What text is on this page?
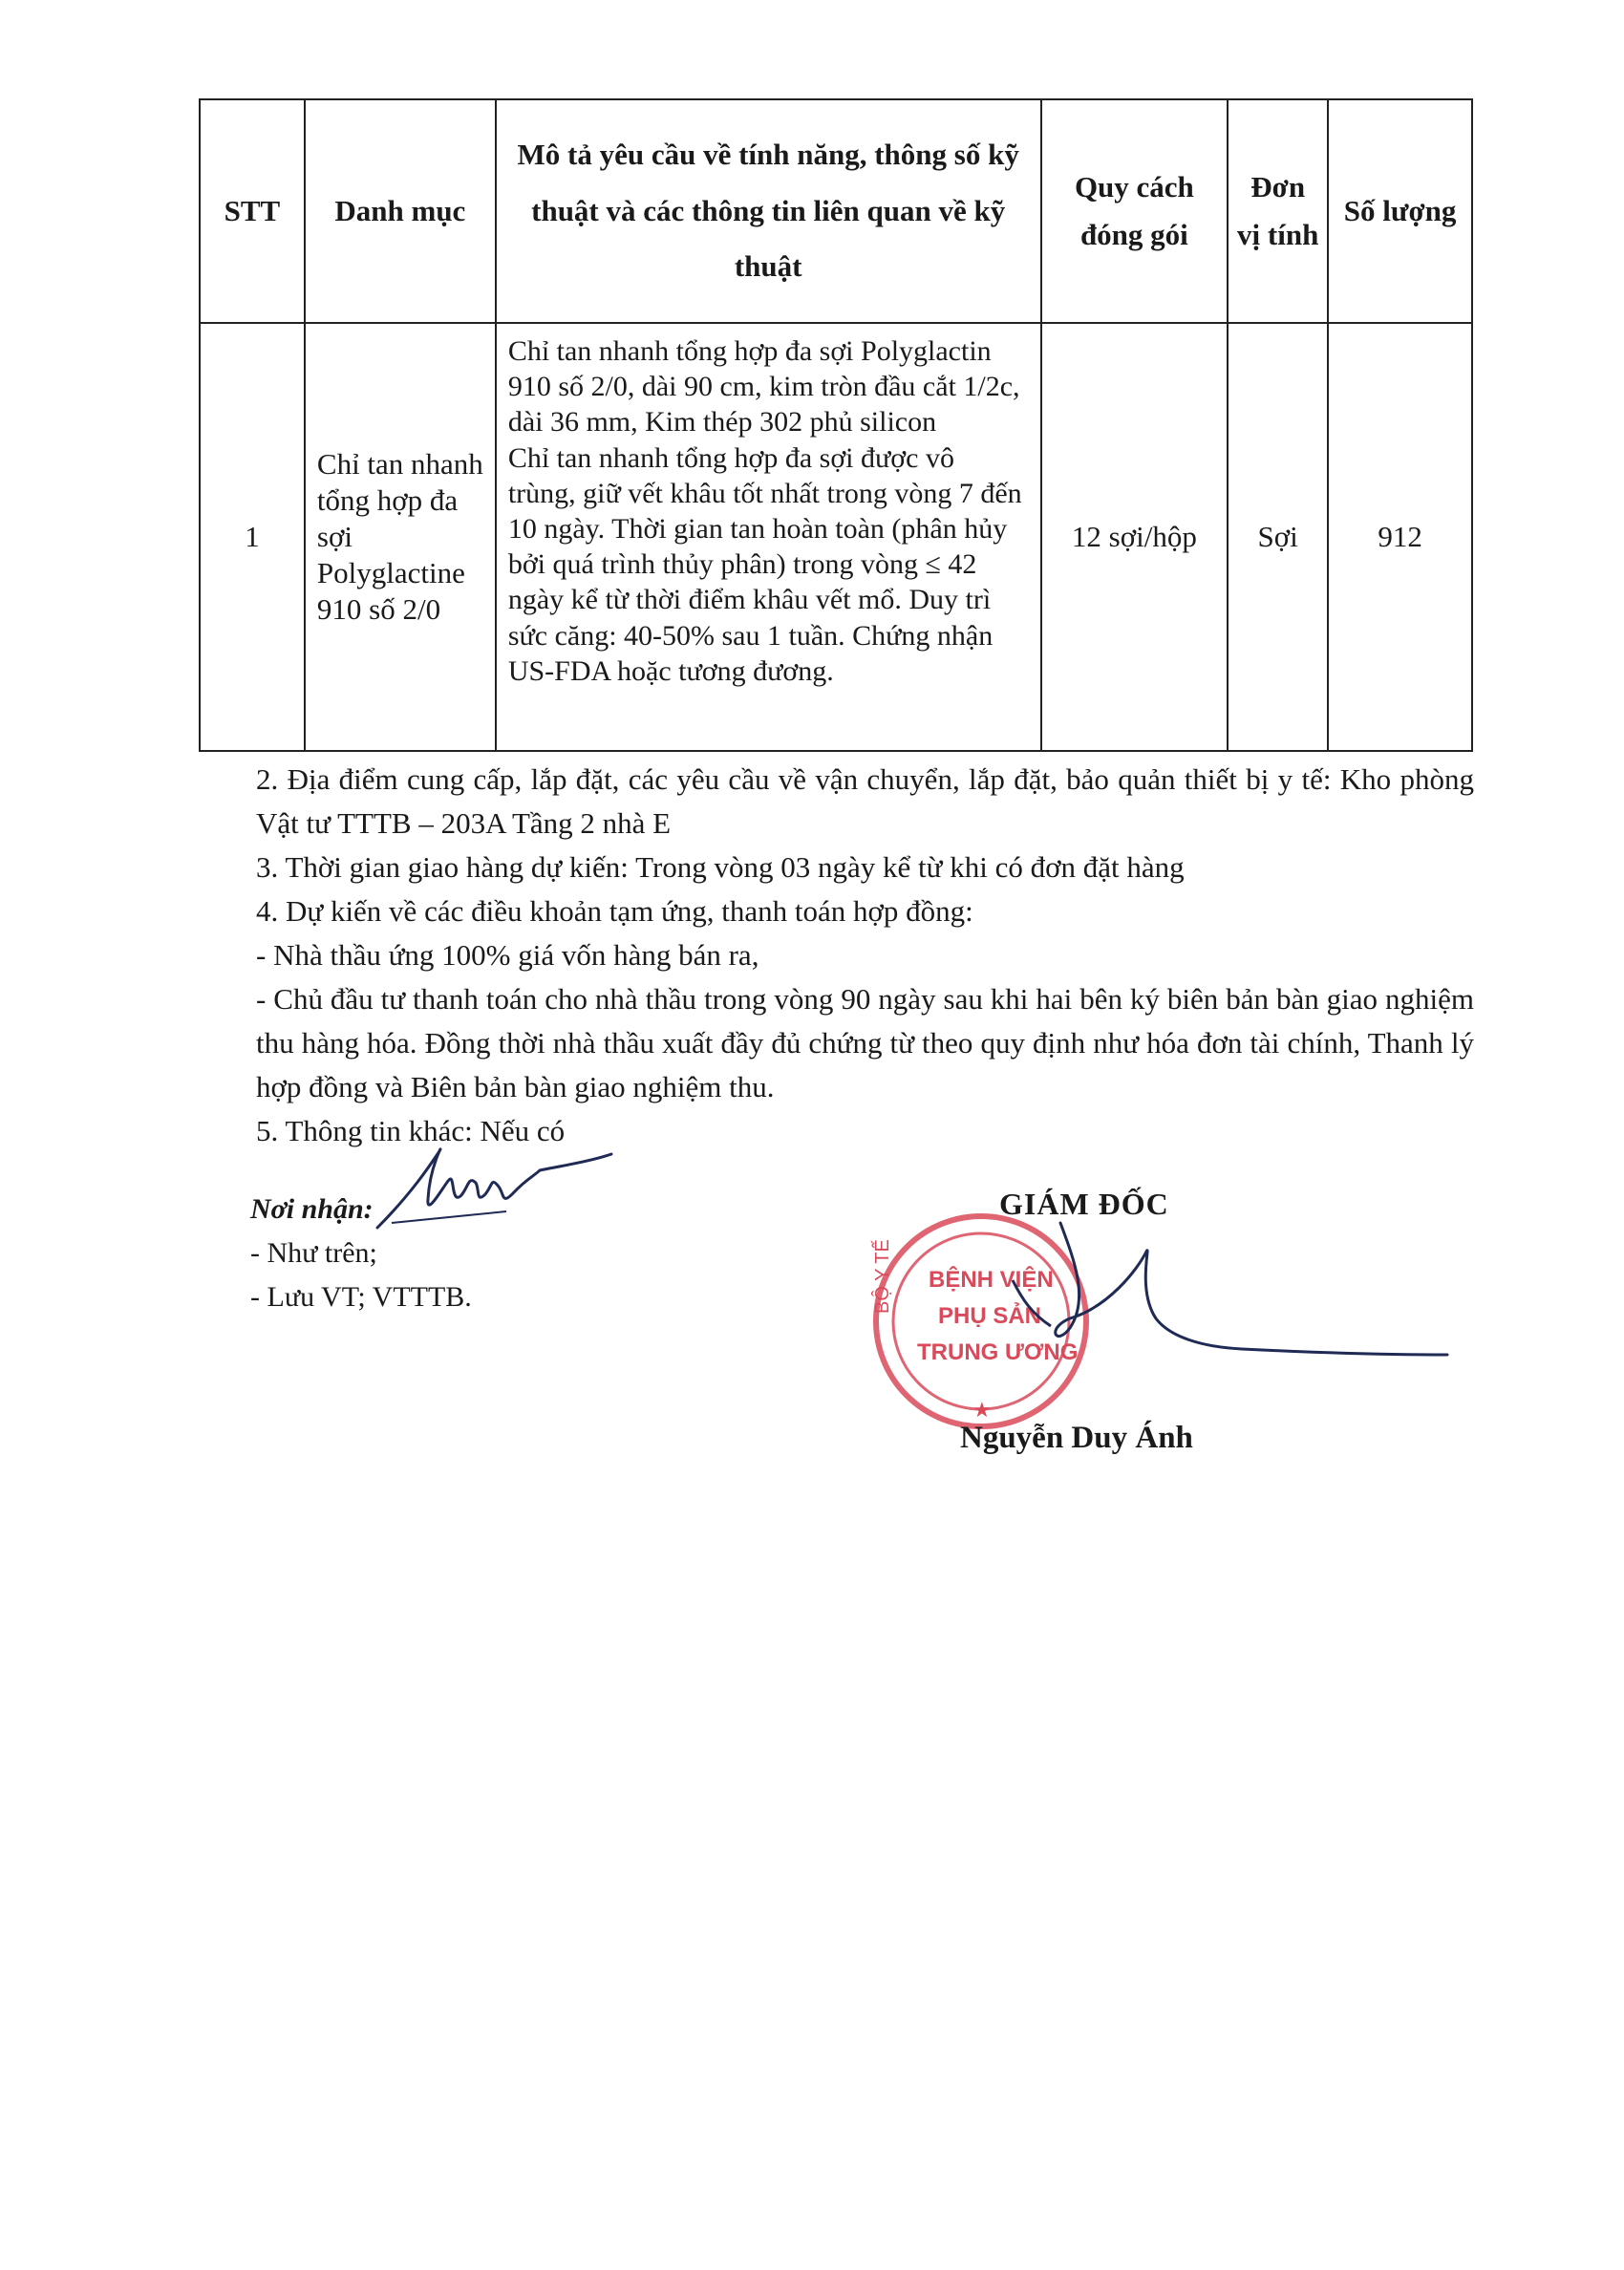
STT	Danh mục	Mô tả yêu cầu về tính năng, thông số kỹ thuật và các thông tin liên quan về kỹ thuật	Quy cách đóng gói	Đơn vị tính	Số lượng
1	Chỉ tan nhanh tổng hợp đa sợi Polyglactine 910 số 2/0	Chỉ tan nhanh tổng hợp đa sợi Polyglactin 910 số 2/0, dài 90 cm, kim tròn đầu cắt 1/2c, dài 36 mm, Kim thép 302 phủ silicon
Chỉ tan nhanh tổng hợp đa sợi được vô trùng, giữ vết khâu tốt nhất trong vòng 7 đến 10 ngày. Thời gian tan hoàn toàn (phân hủy bởi quá trình thủy phân) trong vòng ≤ 42 ngày kể từ thời điểm khâu vết mổ. Duy trì sức căng: 40-50% sau 1 tuần. Chứng nhận US-FDA hoặc tương đương.	12 sợi/hộp	Sợi	912

2. Địa điểm cung cấp, lắp đặt, các yêu cầu về vận chuyển, lắp đặt, bảo quản thiết bị y tế: Kho phòng Vật tư TTTB – 203A Tầng 2 nhà E

3. Thời gian giao hàng dự kiến: Trong vòng 03 ngày kể từ khi có đơn đặt hàng

4. Dự kiến về các điều khoản tạm ứng, thanh toán hợp đồng:

- Nhà thầu ứng 100% giá vốn hàng bán ra,

- Chủ đầu tư thanh toán cho nhà thầu trong vòng 90 ngày sau khi hai bên ký biên bản bàn giao nghiệm thu hàng hóa. Đồng thời nhà thầu xuất đầy đủ chứng từ theo quy định như hóa đơn tài chính, Thanh lý hợp đồng và Biên bản bàn giao nghiệm thu.

5. Thông tin khác: Nếu có

Nơi nhận:
- Như trên;
- Lưu VT; VTTTB.
GIÁM ĐỐC
BỘ Y TẾ BỆNH VIỆN
PHỤ SẢN
TRUNG ƯƠNG
★
Nguyễn Duy Ánh
